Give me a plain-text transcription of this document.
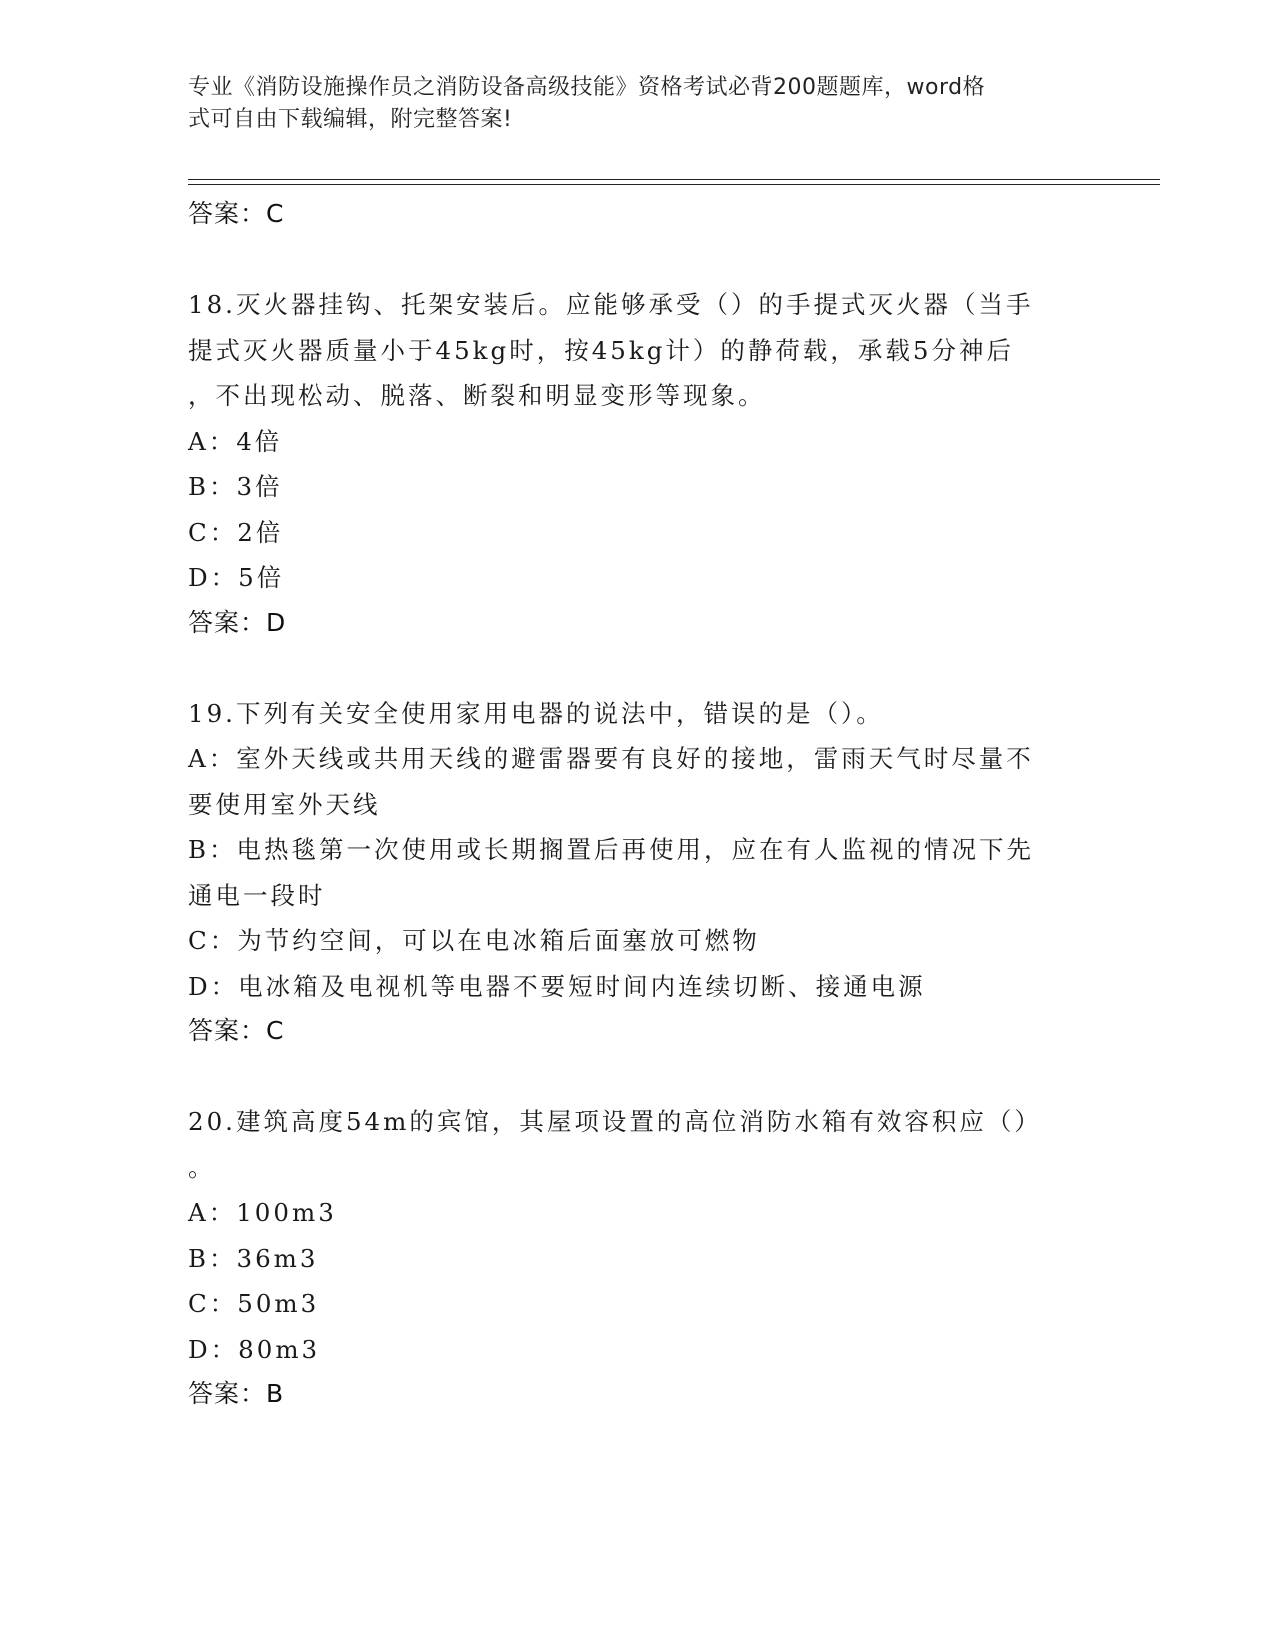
专业《消防设施操作员之消防设备高级技能》资格考试必背200题题库，word格
式可自由下载编辑，附完整答案!
答案：C
18.灭火器挂钩、托架安装后。应能够承受（）的手提式灭火器（当手
提式灭火器质量小于45kg时，按45kg计）的静荷载，承载5分神后
，不出现松动、脱落、断裂和明显变形等现象。
A：4倍
B：3倍
C：2倍
D：5倍
答案：D
19.下列有关安全使用家用电器的说法中，错误的是（）。
A：室外天线或共用天线的避雷器要有良好的接地，雷雨天气时尽量不
要使用室外天线
B：电热毯第一次使用或长期搁置后再使用，应在有人监视的情况下先
通电一段时
C：为节约空间，可以在电冰箱后面塞放可燃物
D：电冰箱及电视机等电器不要短时间内连续切断、接通电源
答案：C
20.建筑高度54m的宾馆，其屋项设置的高位消防水箱有效容积应（）
。
A：100m3
B：36m3
C：50m3
D：80m3
答案：B
